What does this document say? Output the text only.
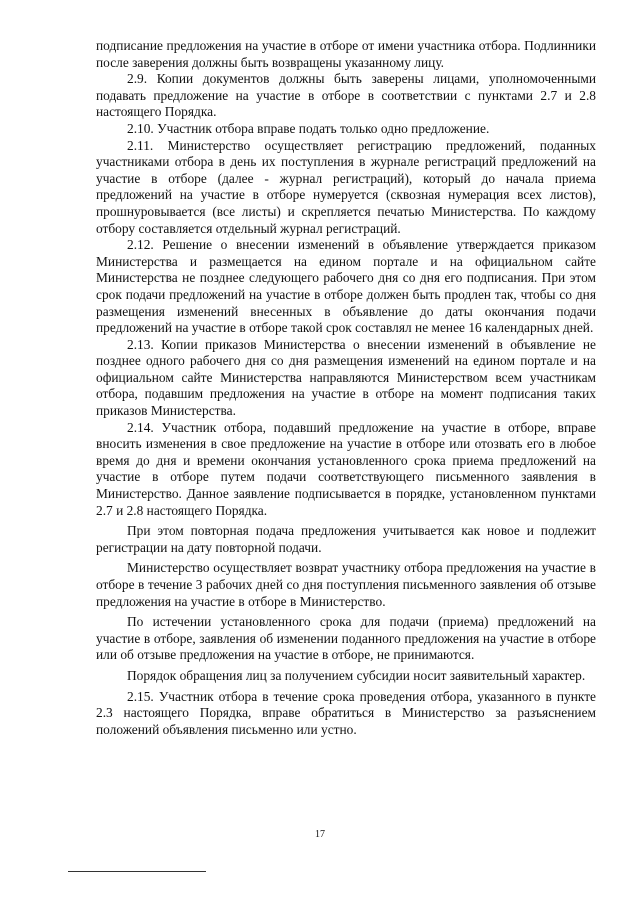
подписание предложения на участие в отборе от имени участника отбора. Подлинники после заверения должны быть возвращены указанному лицу.

2.9. Копии документов должны быть заверены лицами, уполномоченными подавать предложение на участие в отборе в соответствии с пунктами 2.7 и 2.8 настоящего Порядка.

2.10. Участник отбора вправе подать только одно предложение.

2.11. Министерство осуществляет регистрацию предложений, поданных участниками отбора в день их поступления в журнале регистраций предложений на участие в отборе (далее - журнал регистраций), который до начала приема предложений на участие в отборе нумеруется (сквозная нумерация всех листов), прошнуровывается (все листы) и скрепляется печатью Министерства. По каждому отбору составляется отдельный журнал регистраций.

2.12. Решение о внесении изменений в объявление утверждается приказом Министерства и размещается на едином портале и на официальном сайте Министерства не позднее следующего рабочего дня со дня его подписания. При этом срок подачи предложений на участие в отборе должен быть продлен так, чтобы со дня размещения изменений внесенных в объявление до даты окончания подачи предложений на участие в отборе такой срок составлял не менее 16 календарных дней.

2.13. Копии приказов Министерства о внесении изменений в объявление не позднее одного рабочего дня со дня размещения изменений на едином портале и на официальном сайте Министерства направляются Министерством всем участникам отбора, подавшим предложения на участие в отборе на момент подписания таких приказов Министерства.

2.14. Участник отбора, подавший предложение на участие в отборе, вправе вносить изменения в свое предложение на участие в отборе или отозвать его в любое время до дня и времени окончания установленного срока приема предложений на участие в отборе путем подачи соответствующего письменного заявления в Министерство. Данное заявление подписывается в порядке, установленном пунктами 2.7 и 2.8 настоящего Порядка.

При этом повторная подача предложения учитывается как новое и подлежит регистрации на дату повторной подачи.

Министерство осуществляет возврат участнику отбора предложения на участие в отборе в течение 3 рабочих дней со дня поступления письменного заявления об отзыве предложения на участие в отборе в Министерство.

По истечении установленного срока для подачи (приема) предложений на участие в отборе, заявления об изменении поданного предложения на участие в отборе или об отзыве предложения на участие в отборе, не принимаются.

Порядок обращения лиц за получением субсидии носит заявительный характер.

2.15. Участник отбора в течение срока проведения отбора, указанного в пункте 2.3 настоящего Порядка, вправе обратиться в Министерство за разъяснением положений объявления письменно или устно.

17
